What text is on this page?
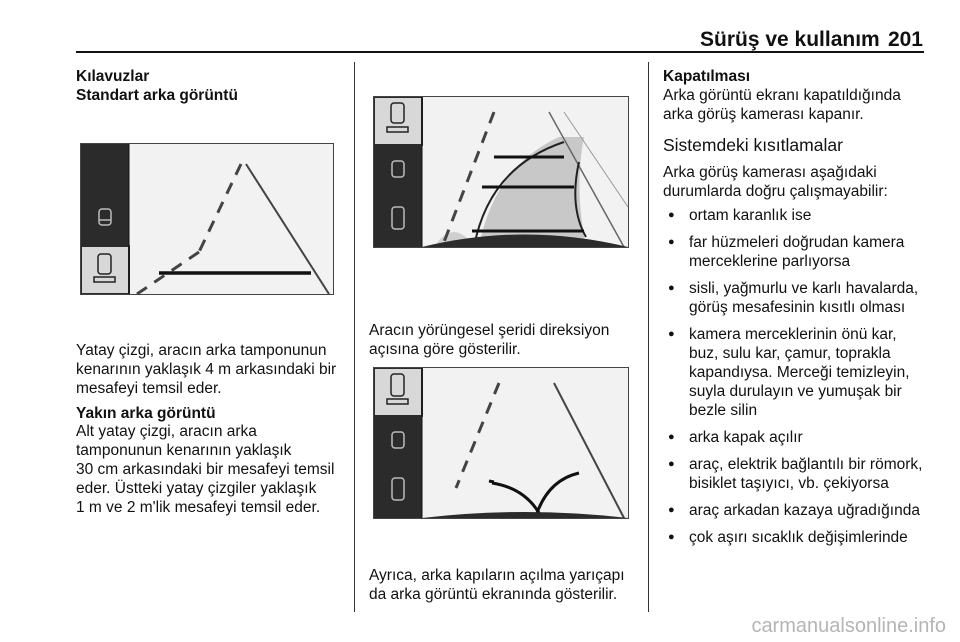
Sürüş ve kullanım 201
Kılavuzlar
Standart arka görüntü
Yatay çizgi, aracın arka tamponunun kenarının yaklaşık 4 m arkasındaki bir mesafeyi temsil eder.
Yakın arka görüntü
Alt yatay çizgi, aracın arka
tamponunun kenarının yaklaşık
30 cm arkasındaki bir mesafeyi temsil
eder. Üstteki yatay çizgiler yaklaşık
1 m ve 2 m'lik mesafeyi temsil eder.
Aracın yörüngesel şeridi direksiyon
açısına göre gösterilir.
Ayrıca, arka kapıların açılma yarıçapı
da arka görüntü ekranında gösterilir.
Kapatılması
Arka görüntü ekranı kapatıldığında
arka görüş kamerası kapanır.
Sistemdeki kısıtlamalar
Arka görüş kamerası aşağıdaki
durumlarda doğru çalışmayabilir:
● ortam karanlık ise
● far hüzmeleri doğrudan kamera merceklerine parlıyorsa
● sisli, yağmurlu ve karlı havalarda, görüş mesafesinin kısıtlı olması
● kamera merceklerinin önü kar, buz, sulu kar, çamur, toprakla kapandıysa. Merceği temizleyin, suyla durulayın ve yumuşak bir bezle silin
● arka kapak açılır
● araç, elektrik bağlantılı bir römork, bisiklet taşıyıcı, vb. çekiyorsa
● araç arkadan kazaya uğradığında
● çok aşırı sıcaklık değişimlerinde
carmanualsonline.info
